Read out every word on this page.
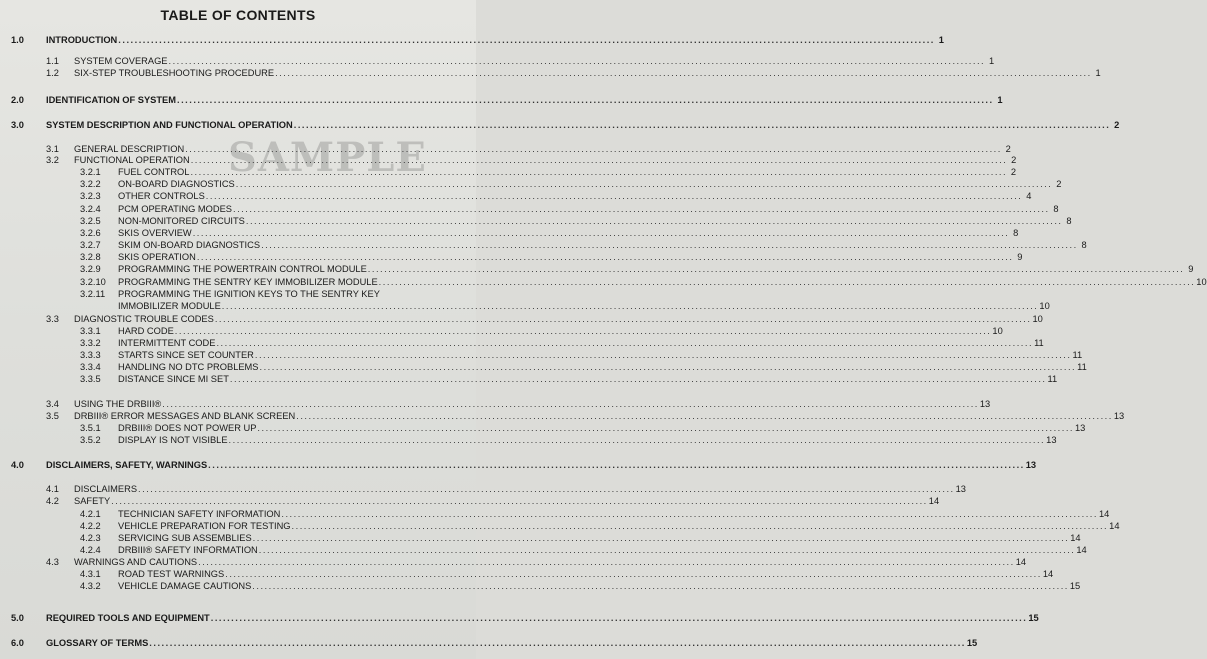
TABLE OF CONTENTS
SAMPLE
1.0 INTRODUCTION ........................................................................................................................................................................................................ 1
1.1 SYSTEM COVERAGE ........................................................................................................................................................................................................ 1
1.2 SIX-STEP TROUBLESHOOTING PROCEDURE ........................................................................................................................................................................................................ 1
2.0 IDENTIFICATION OF SYSTEM ........................................................................................................................................................................................................ 1
3.0 SYSTEM DESCRIPTION AND FUNCTIONAL OPERATION ........................................................................................................................................................................................................ 2
3.1 GENERAL DESCRIPTION ........................................................................................................................................................................................................ 2
3.2 FUNCTIONAL OPERATION ........................................................................................................................................................................................................ 2
3.2.1 FUEL CONTROL ........................................................................................................................................................................................................ 2
3.2.2 ON-BOARD DIAGNOSTICS ........................................................................................................................................................................................................ 2
3.2.3 OTHER CONTROLS ........................................................................................................................................................................................................ 4
3.2.4 PCM OPERATING MODES ........................................................................................................................................................................................................ 8
3.2.5 NON-MONITORED CIRCUITS ........................................................................................................................................................................................................ 8
3.2.6 SKIS OVERVIEW ........................................................................................................................................................................................................ 8
3.2.7 SKIM ON-BOARD DIAGNOSTICS ........................................................................................................................................................................................................ 8
3.2.8 SKIS OPERATION ........................................................................................................................................................................................................ 9
3.2.9 PROGRAMMING THE POWERTRAIN CONTROL MODULE ........................................................................................................................................................................................................ 9
3.2.10 PROGRAMMING THE SENTRY KEY IMMOBILIZER MODULE ........................................................................................................................................................................................................ 10
3.2.11 PROGRAMMING THE IGNITION KEYS TO THE SENTRY KEY
IMMOBILIZER MODULE ........................................................................................................................................................................................................ 10
3.3 DIAGNOSTIC TROUBLE CODES ........................................................................................................................................................................................................ 10
3.3.1 HARD CODE ........................................................................................................................................................................................................ 10
3.3.2 INTERMITTENT CODE ........................................................................................................................................................................................................ 11
3.3.3 STARTS SINCE SET COUNTER ........................................................................................................................................................................................................ 11
3.3.4 HANDLING NO DTC PROBLEMS ........................................................................................................................................................................................................ 11
3.3.5 DISTANCE SINCE MI SET ........................................................................................................................................................................................................ 11
3.4 USING THE DRBIII® ........................................................................................................................................................................................................ 13
3.5 DRBIII® ERROR MESSAGES AND BLANK SCREEN ........................................................................................................................................................................................................ 13
3.5.1 DRBIII® DOES NOT POWER UP ........................................................................................................................................................................................................ 13
3.5.2 DISPLAY IS NOT VISIBLE ........................................................................................................................................................................................................ 13
4.0 DISCLAIMERS, SAFETY, WARNINGS ........................................................................................................................................................................................................ 13
4.1 DISCLAIMERS ........................................................................................................................................................................................................ 13
4.2 SAFETY ........................................................................................................................................................................................................ 14
4.2.1 TECHNICIAN SAFETY INFORMATION ........................................................................................................................................................................................................ 14
4.2.2 VEHICLE PREPARATION FOR TESTING ........................................................................................................................................................................................................ 14
4.2.3 SERVICING SUB ASSEMBLIES ........................................................................................................................................................................................................ 14
4.2.4 DRBIII® SAFETY INFORMATION ........................................................................................................................................................................................................ 14
4.3 WARNINGS AND CAUTIONS ........................................................................................................................................................................................................ 14
4.3.1 ROAD TEST WARNINGS ........................................................................................................................................................................................................ 14
4.3.2 VEHICLE DAMAGE CAUTIONS ........................................................................................................................................................................................................ 15
5.0 REQUIRED TOOLS AND EQUIPMENT ........................................................................................................................................................................................................ 15
6.0 GLOSSARY OF TERMS ........................................................................................................................................................................................................ 15
